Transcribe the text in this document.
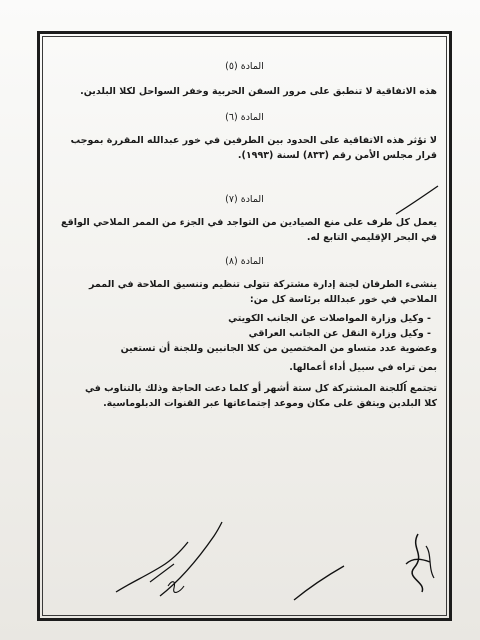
المادة (٥)

هذه الاتفاقية لا تنطبق على مرور السفن الحربية وخفر السواحل لكلا البلدين.

المادة (٦)

لا تؤثر هذه الاتفاقية على الحدود بين الطرفين في خور عبدالله المقررة بموجب

قرار مجلس الأمن رقم (٨٣٣) لسنة (١٩٩٣).

المادة (٧)

يعمل كل طرف على منع الصيادين من التواجد في الجزء من الممر الملاحي الواقع

في البحر الإقليمي التابع له.

المادة (٨)

ينشىء الطرفان لجنة إدارة مشتركة تتولى تنظيم وتنسيق الملاحة في الممر

الملاحي في خور عبدالله برئاسة كل من:

- وكيل وزارة المواصلات عن الجانب الكويتي

- وكيل وزارة النقل عن الجانب العراقي

وعضوية عدد متساو من المختصين من كلا الجانبين وللجنة أن تستعين

بمن تراه في سبيل أداء أعمالها.

تجتمع اللجنة المشتركة كل ستة أشهر أو كلما دعت الحاجة وذلك بالتناوب في

كلا البلدين ويتفق على مكان وموعد إجتماعاتها عبر القنوات الدبلوماسية.
